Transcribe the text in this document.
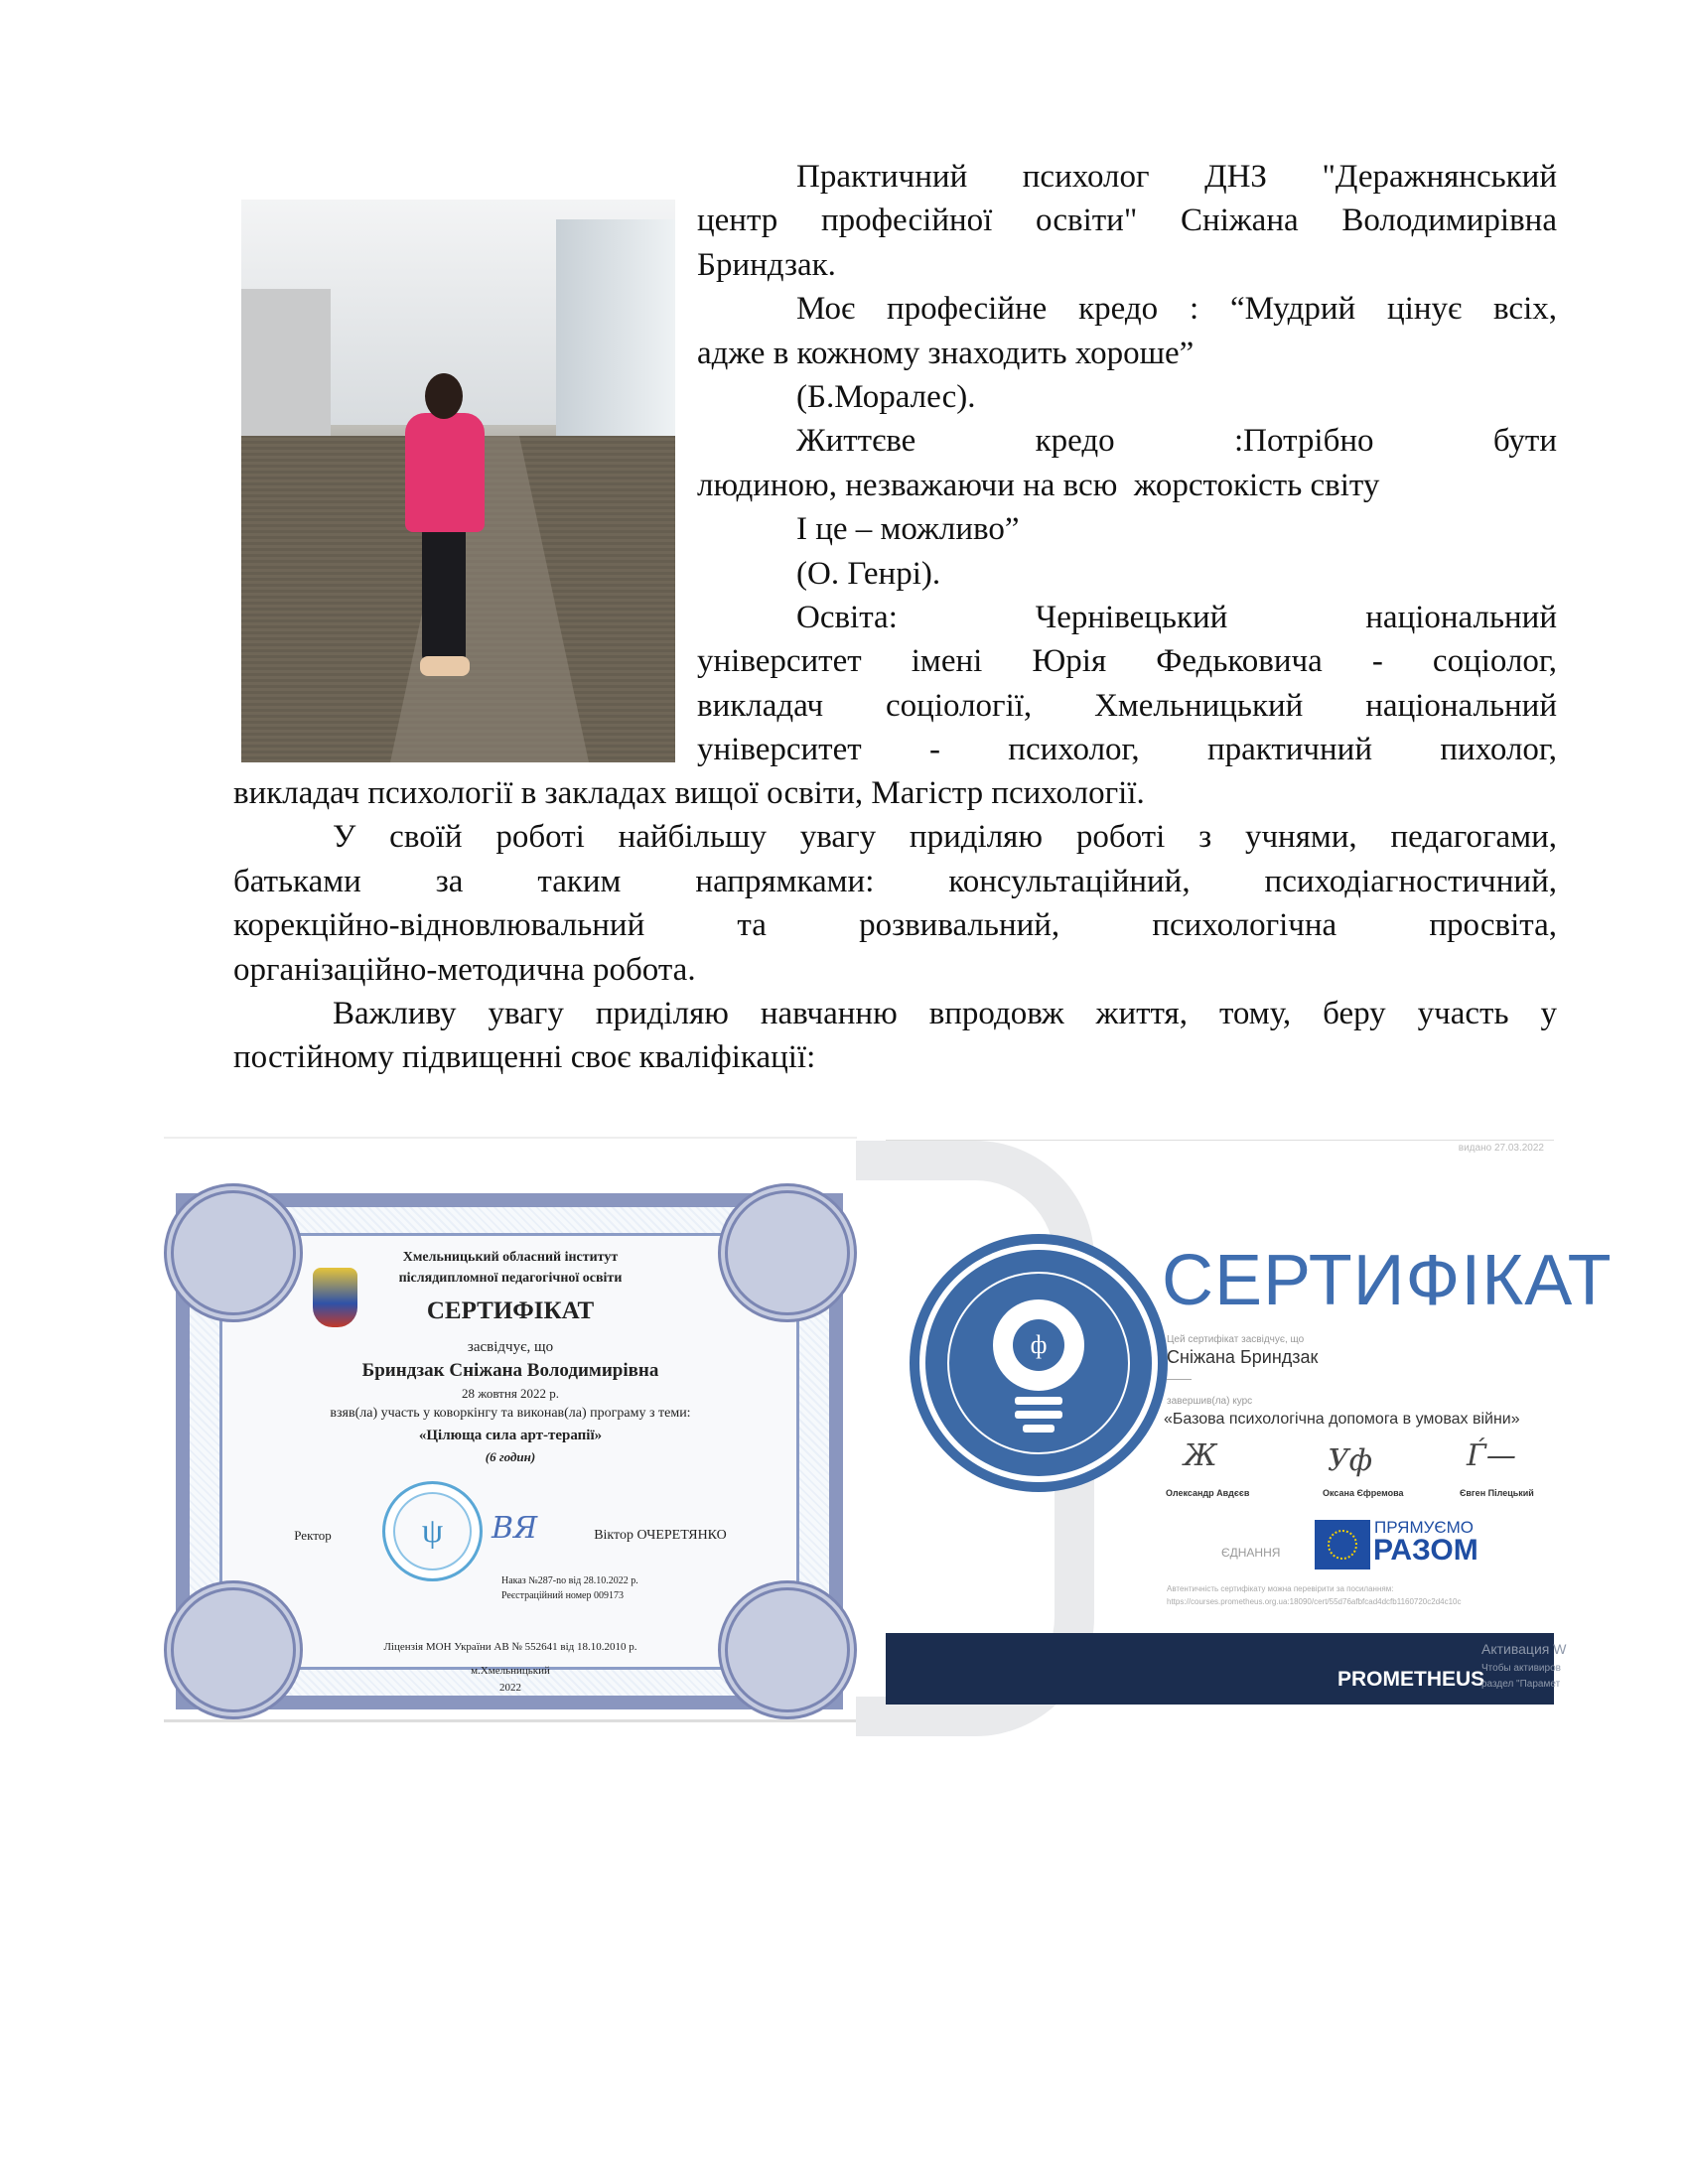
Практичний психолог ДНЗ "Деражнянський
центр професійної освіти" Сніжана Володимирівна
Бриндзак.
Моє професійне кредо : “Мудрий цінує всіх,
адже в кожному знаходить хороше”
(Б.Моралес).
Життєве кредо :Потрібно бути
людиною, незважаючи на всю  жорстокість світу
І це – можливо”
(О. Генрі).
Освіта: Чернівецький національний
університет імені Юрія Федьковича - соціолог,
викладач соціології, Хмельницький національний
університет - психолог, практичний пихолог,
викладач психології в закладах вищої освіти, Магістр психології.
У своїй роботі найбільшу увагу приділяю роботі з учнями, педагогами,
батьками за таким напрямками: консультаційний, психодіагностичний,
корекційно-відновлювальний та розвивальний, психологічна просвіта,
організаційно-методична робота.
Важливу увагу приділяю навчанню впродовж життя, тому, беру участь у
постійному підвищенні своє кваліфікації:
Хмельницький обласний інститут
післядипломної педагогічної освіти
СЕРТИФІКАТ
засвідчує, що
Бриндзак Сніжана Володимирівна
28 жовтня 2022 р.
взяв(ла) участь у коворкінгу та виконав(ла) програму з теми:
«Цілюща сила арт-терапії»
(6 годин)
Ректор	ψ	ВЯ	Віктор ОЧЕРЕТЯНКО
Наказ №287-no від 28.10.2022 р.
Реєстраційний номер 009173
Ліцензія МОН України АВ № 552641 від 18.10.2010 р.
м.Хмельницький
2022
видано 27.03.2022
ф
СЕРТИФІКАТ
Цей сертифікат засвідчує, що
Сніжана Бриндзак
завершив(ла) курс
«Базова психологічна допомога в умовах війни»
Ж	Уф	Ѓ—
Олександр Авдєєв	Оксана Єфремова	Євген Пілецький
ЄДНАННЯ
ПРЯМУЄМО
РАЗОМ
Автентичність сертифікату можна перевірити за посиланням:
https://courses.prometheus.org.ua:18090/cert/55d76afbfcad4dcfb1160720c2d4c10c
PROMETHEUS
Активация W
Чтобы активиров
раздел "Парамет
